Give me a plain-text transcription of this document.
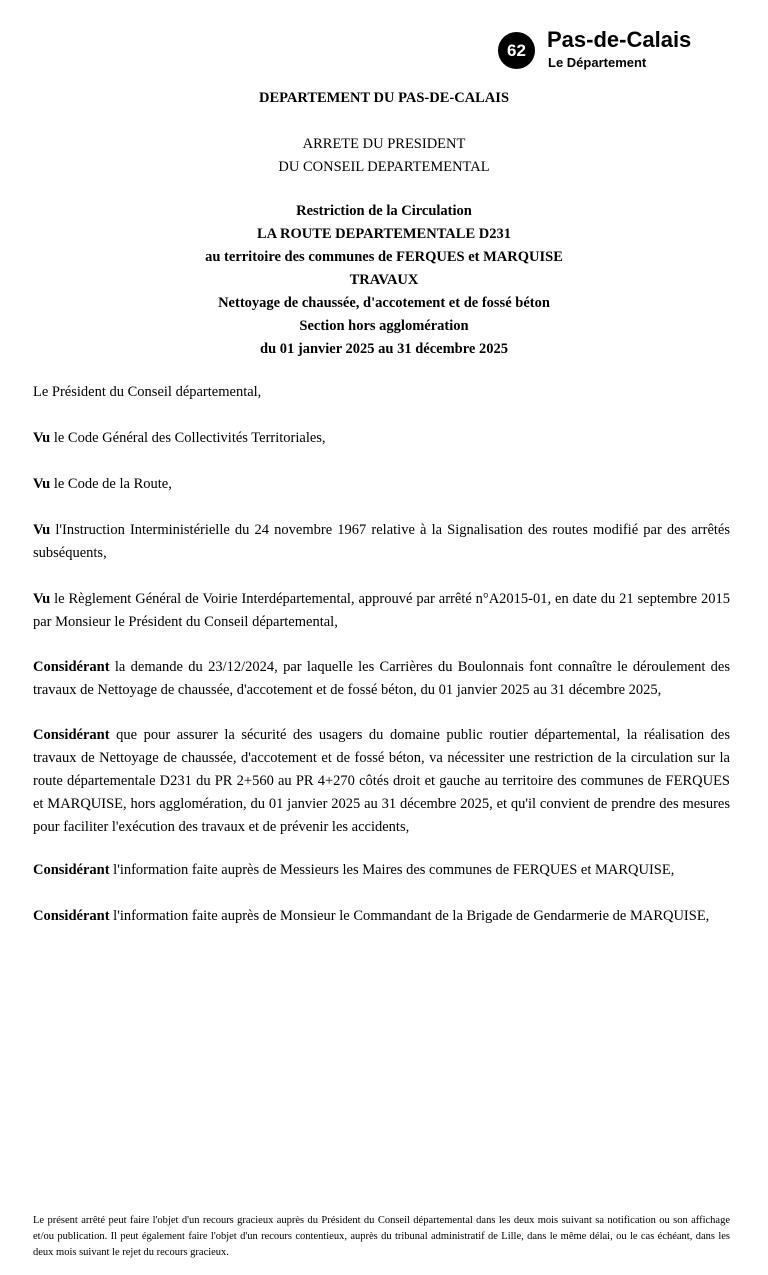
62 Pas-de-Calais
Le Département
DEPARTEMENT DU PAS-DE-CALAIS
ARRETE DU PRESIDENT
DU CONSEIL DEPARTEMENTAL
Restriction de la Circulation
LA ROUTE DEPARTEMENTALE D231
au territoire des communes de FERQUES et MARQUISE
TRAVAUX
Nettoyage de chaussée, d'accotement et de fossé béton
Section hors agglomération
du 01 janvier 2025 au 31 décembre 2025

Le Président du Conseil départemental,

Vu le Code Général des Collectivités Territoriales,

Vu le Code de la Route,

Vu l'Instruction Interministérielle du 24 novembre 1967 relative à la Signalisation des routes modifié par des arrêtés subséquents,

Vu le Règlement Général de Voirie Interdépartemental, approuvé par arrêté n°A2015-01, en date du 21 septembre 2015 par Monsieur le Président du Conseil départemental,

Considérant la demande du 23/12/2024, par laquelle les Carrières du Boulonnais font connaître le déroulement des travaux de Nettoyage de chaussée, d'accotement et de fossé béton, du 01 janvier 2025 au 31 décembre 2025,

Considérant que pour assurer la sécurité des usagers du domaine public routier départemental, la réalisation des travaux de Nettoyage de chaussée, d'accotement et de fossé béton, va nécessiter une restriction de la circulation sur la route départementale D231 du PR 2+560 au PR 4+270 côtés droit et gauche au territoire des communes de FERQUES et MARQUISE, hors agglomération, du 01 janvier 2025 au 31 décembre 2025, et qu'il convient de prendre des mesures pour faciliter l'exécution des travaux et de prévenir les accidents,

Considérant l'information faite auprès de Messieurs les Maires des communes de FERQUES et MARQUISE,

Considérant l'information faite auprès de Monsieur le Commandant de la Brigade de Gendarmerie de MARQUISE,

Le présent arrêté peut faire l'objet d'un recours gracieux auprès du Président du Conseil départemental dans les deux mois suivant sa notification ou son affichage et/ou publication. Il peut également faire l'objet d'un recours contentieux, auprès du tribunal administratif de Lille, dans le même délai, ou le cas échéant, dans les deux mois suivant le rejet du recours gracieux.
